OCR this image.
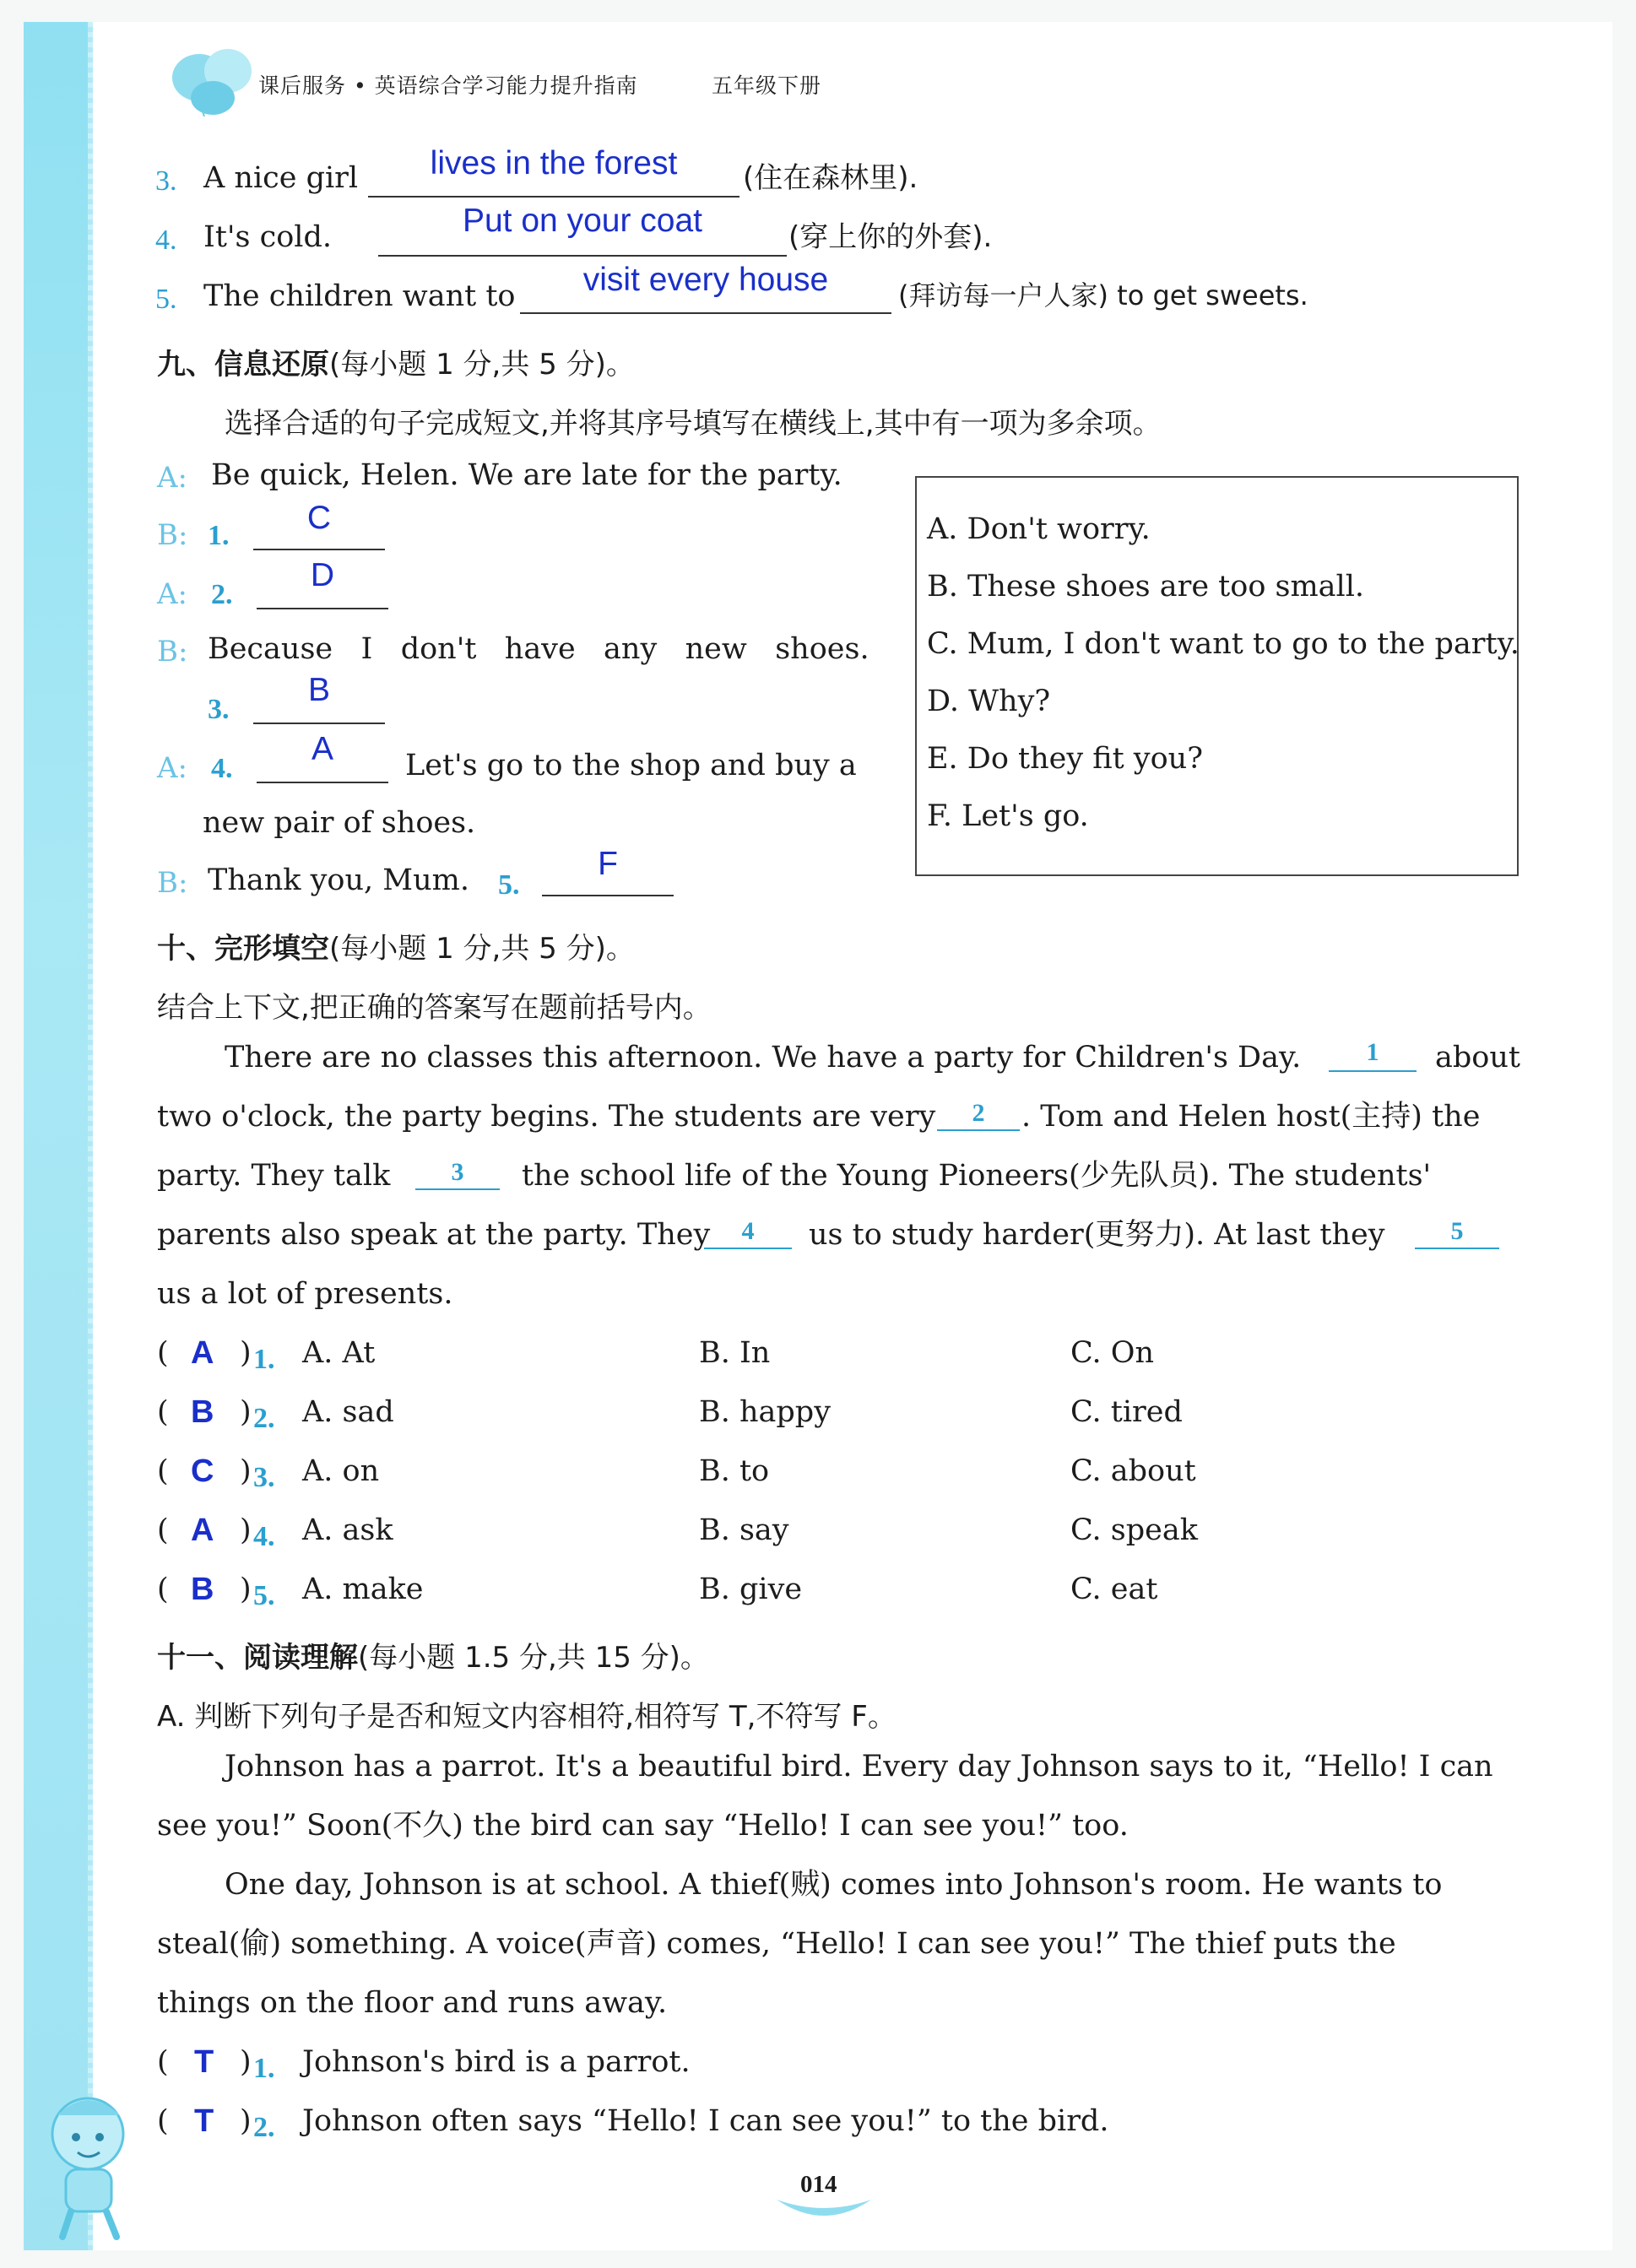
课后服务 • 英语综合学习能力提升指南	五年级下册
3. A nice girl	lives in the forest	(住在森林里).
4. It's cold.	Put on your coat	(穿上你的外套).
5. The children want to	visit every house	(拜访每一户人家) to get sweets.
九、信息还原(每小题 1 分,共 5 分)。
选择合适的句子完成短文,并将其序号填写在横线上,其中有一项为多余项。
A: Be quick, Helen. We are late for the party.
B: 1.	C
A: 2.
D
B: Because   I   don't   have   any   new   shoes.
3.
B
A: 4.
A	Let's go to the shop and buy a
new pair of shoes.
B: Thank you, Mum. 5.
F
A. Don't worry.
B. These shoes are too small.
C. Mum, I don't want to go to the party.
D. Why?
E. Do they fit you?
F. Let's go.
十、完形填空(每小题 1 分,共 5 分)。
结合上下文,把正确的答案写在题前括号内。
There are no classes this afternoon. We have a party for Children's Day.	1	about
two o'clock, the party begins. The students are very	2	. Tom and Helen host(主持) the
party. They talk	3	the school life of the Young Pioneers(少先队员). The students'
parents also speak at the party. They	4	us to study harder(更努力). At last they	5
us a lot of presents.
( A ) 1. A. At	B. In	C. On
( B ) 2. A. sad	B. happy	C. tired
( C ) 3. A. on	B. to	C. about
( A ) 4. A. ask	B. say	C. speak
( B ) 5. A. make	B. give	C. eat
十一、阅读理解(每小题 1.5 分,共 15 分)。
A. 判断下列句子是否和短文内容相符,相符写 T,不符写 F。
Johnson has a parrot. It's a beautiful bird. Every day Johnson says to it, “Hello! I can
see you!” Soon(不久) the bird can say “Hello! I can see you!” too.
One day, Johnson is at school. A thief(贼) comes into Johnson's room. He wants to
steal(偷) something. A voice(声音) comes, “Hello! I can see you!” The thief puts the
things on the floor and runs away.
( T ) 1. Johnson's bird is a parrot.
( T ) 2. Johnson often says “Hello! I can see you!” to the bird.
014
